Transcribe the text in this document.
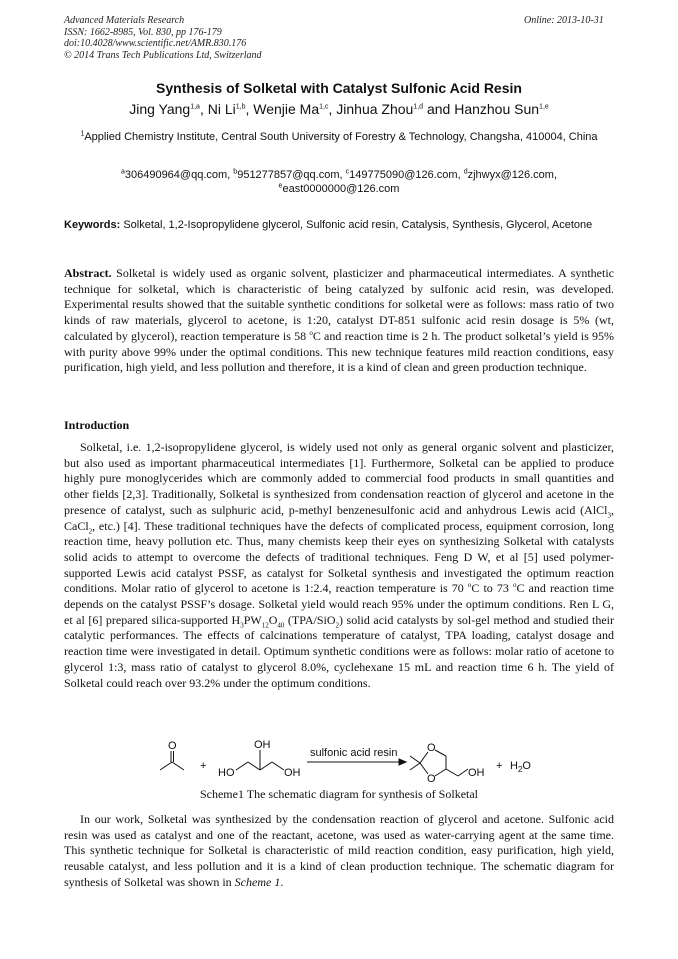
Advanced Materials Research
ISSN: 1662-8985, Vol. 830, pp 176-179
doi:10.4028/www.scientific.net/AMR.830.176
© 2014 Trans Tech Publications Ltd, Switzerland
Online: 2013-10-31
Synthesis of Solketal with Catalyst Sulfonic Acid Resin
Jing Yang$^{1,a}$, Ni Li$^{1,b}$, Wenjie Ma$^{1,c}$, Jinhua Zhou$^{1,d}$ and Hanzhou Sun$^{1,e}$
$^1$Applied Chemistry Institute, Central South University of Forestry & Technology, Changsha, 410004, China
$^a$306490964@qq.com, $^b$951277857@qq.com, $^c$149775090@126.com, $^d$zjhwyx@126.com,
$^e$east0000000@126.com
Keywords: Solketal, 1,2-Isopropylidene glycerol, Sulfonic acid resin, Catalysis, Synthesis, Glycerol, Acetone
Abstract. Solketal is widely used as organic solvent, plasticizer and pharmaceutical intermediates. A synthetic technique for solketal, which is characteristic of being catalyzed by sulfonic acid resin, was developed. Experimental results showed that the suitable synthetic conditions for solketal were as follows: mass ratio of two kinds of raw materials, glycerol to acetone, is 1:20, catalyst DT-851 sulfonic acid resin dosage is 5% (wt, calculated by glycerol), reaction temperature is 58 $^o$C and reaction time is 2 h. The product solketal’s yield is 95% with purity above 99% under the optimal conditions. This new technique features mild reaction conditions, easy purification, high yield, and less pollution and therefore, it is a kind of clean and green production technique.
Introduction
Solketal, i.e. 1,2-isopropylidene glycerol, is widely used not only as general organic solvent and plasticizer, but also used as important pharmaceutical intermediates [1]. Furthermore, Solketal can be applied to produce highly pure monoglycerides which are commonly added to commercial food products in small quantities and other fields [2,3]. Traditionally, Solketal is synthesized from condensation reaction of glycerol and acetone in the presence of catalyst, such as sulphuric acid, p-methyl benzenesulfonic acid and anhydrous Lewis acid (AlCl$_3$, CaCl$_2$, etc.) [4]. These traditional techniques have the defects of complicated process, equipment corrosion, long reaction time, heavy pollution etc. Thus, many chemists keep their eyes on synthesizing Solketal with catalysts solid acids to attempt to overcome the defects of traditional techniques. Feng D W, et al [5] used polymer-supported Lewis acid catalyst PSSF, as catalyst for Solketal synthesis and investigated the optimum reaction conditions. Molar ratio of glycerol to acetone is 1:2.4, reaction temperature is 70 $^o$C to 73 $^o$C and reaction time depends on the catalyst PSSF’s dosage. Solketal yield would reach 95% under the optimum conditions. Ren L G, et al [6] prepared silica-supported $H_3PW_{12}O_{40}$ (TPA/SiO$_2$) solid acid catalysts by sol-gel method and studied their catalytic performances. The effects of calcinations temperature of catalyst, TPA loading, catalyst dosage and reaction time were investigated in detail. Optimum synthetic conditions were as follows: molar ratio of acetone to glycerol 1:3, mass ratio of catalyst to glycerol 8.0%, cyclehexane 15 mL and reaction time 6 h. The yield of Solketal could reach over 93.2% under the optimum conditions.
O
+
HO
OH
OH
sulfonic acid resin	O
O	OH
+ $H_2O$
Scheme1 The schematic diagram for synthesis of Solketal
In our work, Solketal was synthesized by the condensation reaction of glycerol and acetone. Sulfonic acid resin was used as catalyst and one of the reactant, acetone, was used as water-carrying agent at the same time. This synthetic technique for Solketal is characteristic of mild reaction condition, easy purification, high yield, reusable catalyst, and less pollution and it is a kind of clean production technique. The schematic diagram for synthesis of Solketal was shown in Scheme 1.
